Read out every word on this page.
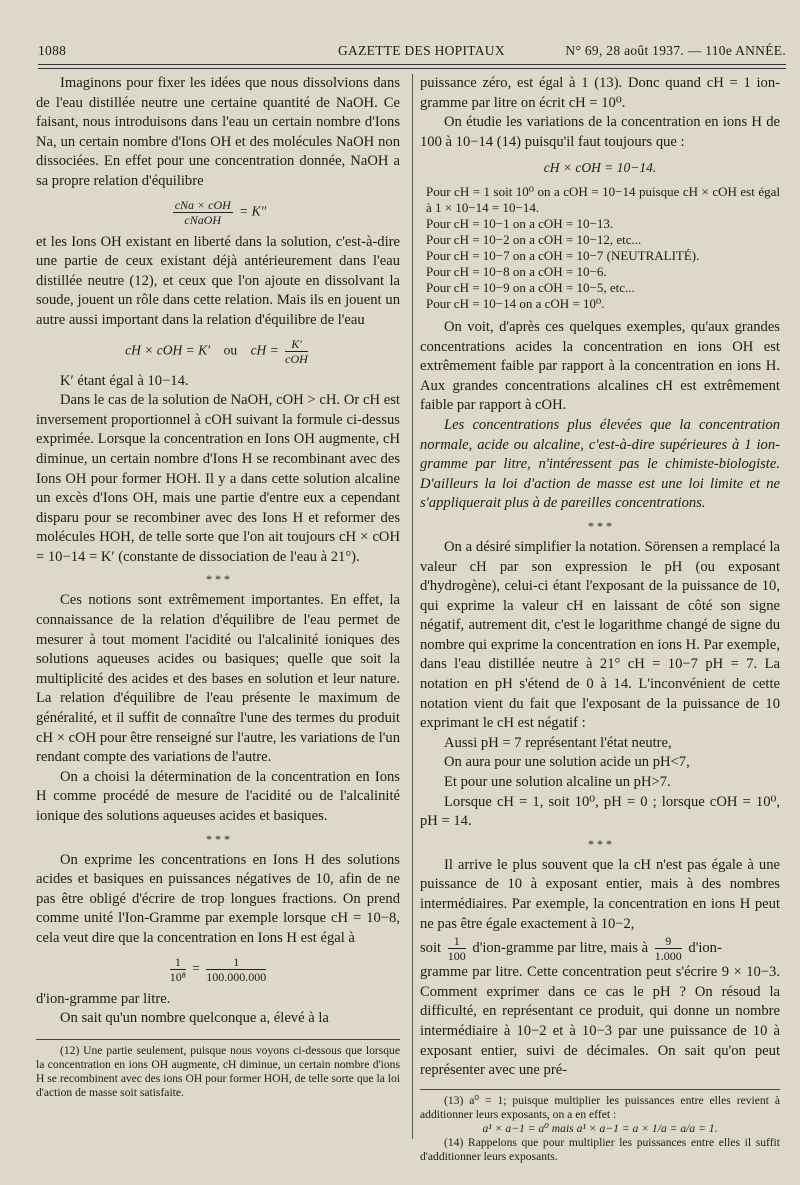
1088	GAZETTE DES HOPITAUX	N° 69, 28 août 1937. — 110e ANNÉE.

Imaginons pour fixer les idées que nous dissolvions dans de l'eau distillée neutre une certaine quantité de NaOH. Ce faisant, nous introduisons dans l'eau un certain nombre d'Ions Na, un certain nombre d'Ions OH et des molécules NaOH non dissociées. En effet pour une concentration donnée, NaOH a sa propre relation d'équilibre

$\frac{\text{cNa × cOH}}{\text{cNaOH}} = K''$

et les Ions OH existant en liberté dans la solution, c'est-à-dire une partie de ceux existant déjà antérieurement dans l'eau distillée neutre (12), et ceux que l'on ajoute en dissolvant la soude, jouent un rôle dans cette relation. Mais ils en jouent un autre aussi important dans la relation d'équilibre de l'eau

cH × cOH = K′ ou cH = $\frac{K'}{\text{cOH}}$

K′ étant égal à 10−14.

Dans le cas de la solution de NaOH, cOH > cH. Or cH est inversement proportionnel à cOH suivant la formule ci-dessus exprimée. Lorsque la concentration en Ions OH augmente, cH diminue, un certain nombre d'Ions H se recombinant avec des Ions OH pour former HOH. Il y a dans cette solution alcaline un excès d'Ions OH, mais une partie d'entre eux a cependant disparu pour se recombiner avec des Ions H et reformer des molécules HOH, de telle sorte que l'on ait toujours cH × cOH = 10−14 = K′ (constante de dissociation de l'eau à 21°).

* * *

Ces notions sont extrêmement importantes. En effet, la connaissance de la relation d'équilibre de l'eau permet de mesurer à tout moment l'acidité ou l'alcalinité ioniques des solutions aqueuses acides ou basiques; quelle que soit la multiplicité des acides et des bases en solution et leur nature. La relation d'équilibre de l'eau présente le maximum de généralité, et il suffit de connaître l'une des termes du produit cH × cOH pour être renseigné sur l'autre, les variations de l'un rendant compte des variations de l'autre.

On a choisi la détermination de la concentration en Ions H comme procédé de mesure de l'acidité ou de l'alcalinité ionique des solutions aqueuses acides et basiques.

* * *

On exprime les concentrations en Ions H des solutions acides et basiques en puissances négatives de 10, afin de ne pas être obligé d'écrire de trop longues fractions. On prend comme unité l'Ion-Gramme par exemple lorsque cH = 10−8, cela veut dire que la concentration en Ions H est égal à

$\frac{1}{\text{10⁸}} = \frac{1}{100.000.000}$

d'ion-gramme par litre.

On sait qu'un nombre quelconque a, élevé à la

(12) Une partie seulement, puisque nous voyons ci-dessous que lorsque la concentration en ions OH augmente, cH diminue, un certain nombre d'ions H se recombinent avec des ions OH pour former HOH, de telle sorte que la loi d'action de masse soit satisfaite.

puissance zéro, est égal à 1 (13). Donc quand cH = 1 ion-gramme par litre on écrit cH = 10⁰.

On étudie les variations de la concentration en ions H de 100 à 10−14 (14) puisqu'il faut toujours que :

cH × cOH = 10−14.
Pour cH = 1 soit 10⁰ on a cOH = 10−14 puisque cH × cOH est égal à 1 × 10−14 = 10−14.
Pour cH = 10−1 on a cOH = 10−13.
Pour cH = 10−2 on a cOH = 10−12, etc...
Pour cH = 10−7 on a cOH = 10−7 (NEUTRALITÉ).
Pour cH = 10−8 on a cOH = 10−6.
Pour cH = 10−9 on a cOH = 10−5, etc...
Pour cH = 10−14 on a cOH = 10⁰.

On voit, d'après ces quelques exemples, qu'aux grandes concentrations acides la concentration en ions OH est extrêmement faible par rapport à la concentration en ions H. Aux grandes concentrations alcalines cH est extrêmement faible par rapport à cOH.

Les concentrations plus élevées que la concentration normale, acide ou alcaline, c'est-à-dire supérieures à 1 ion-gramme par litre, n'intéressent pas le chimiste-biologiste. D'ailleurs la loi d'action de masse est une loi limite et ne s'appliquerait plus à de pareilles concentrations.

* * *

On a désiré simplifier la notation. Sörensen a remplacé la valeur cH par son expression le pH (ou exposant d'hydrogène), celui-ci étant l'exposant de la puissance de 10, qui exprime la valeur cH en laissant de côté son signe négatif, autrement dit, c'est le logarithme changé de signe du nombre qui exprime la concentration en ions H. Par exemple, dans l'eau distillée neutre à 21° cH = 10−7 pH = 7. La notation en pH s'étend de 0 à 14. L'inconvénient de cette notation vient du fait que l'exposant de la puissance de 10 exprimant le cH est négatif :

Aussi pH = 7 représentant l'état neutre,

On aura pour une solution acide un pH<7,

Et pour une solution alcaline un pH>7.

Lorsque cH = 1, soit 10⁰, pH = 0 ; lorsque cOH = 10⁰, pH = 14.

* * *

Il arrive le plus souvent que la cH n'est pas égale à une puissance de 10 à exposant entier, mais à des nombres intermédiaires. Par exemple, la concentration en ions H peut ne pas être égale exactement à 10−2,

soit $\frac{1}{100}$ d'ion-gramme par litre, mais à $\frac{9}{1.000} d'ion-$

gramme par litre. Cette concentration peut s'écrire 9 × 10−3. Comment exprimer dans ce cas le pH ? On résoud la difficulté, en représentant ce produit, qui donne un nombre intermédiaire à 10−2 et à 10−3 par une puissance de 10 à exposant entier, suivi de décimales. On sait qu'on peut représenter avec une pré-

(13) a⁰ = 1; puisque multiplier les puissances entre elles revient à additionner leurs exposants, on a en effet :

a¹ × a−1 = a⁰ mais a¹ × a−1 = a × 1/a = a/a = 1.

(14) Rappelons que pour multiplier les puissances entre elles il suffit d'additionner leurs exposants.
